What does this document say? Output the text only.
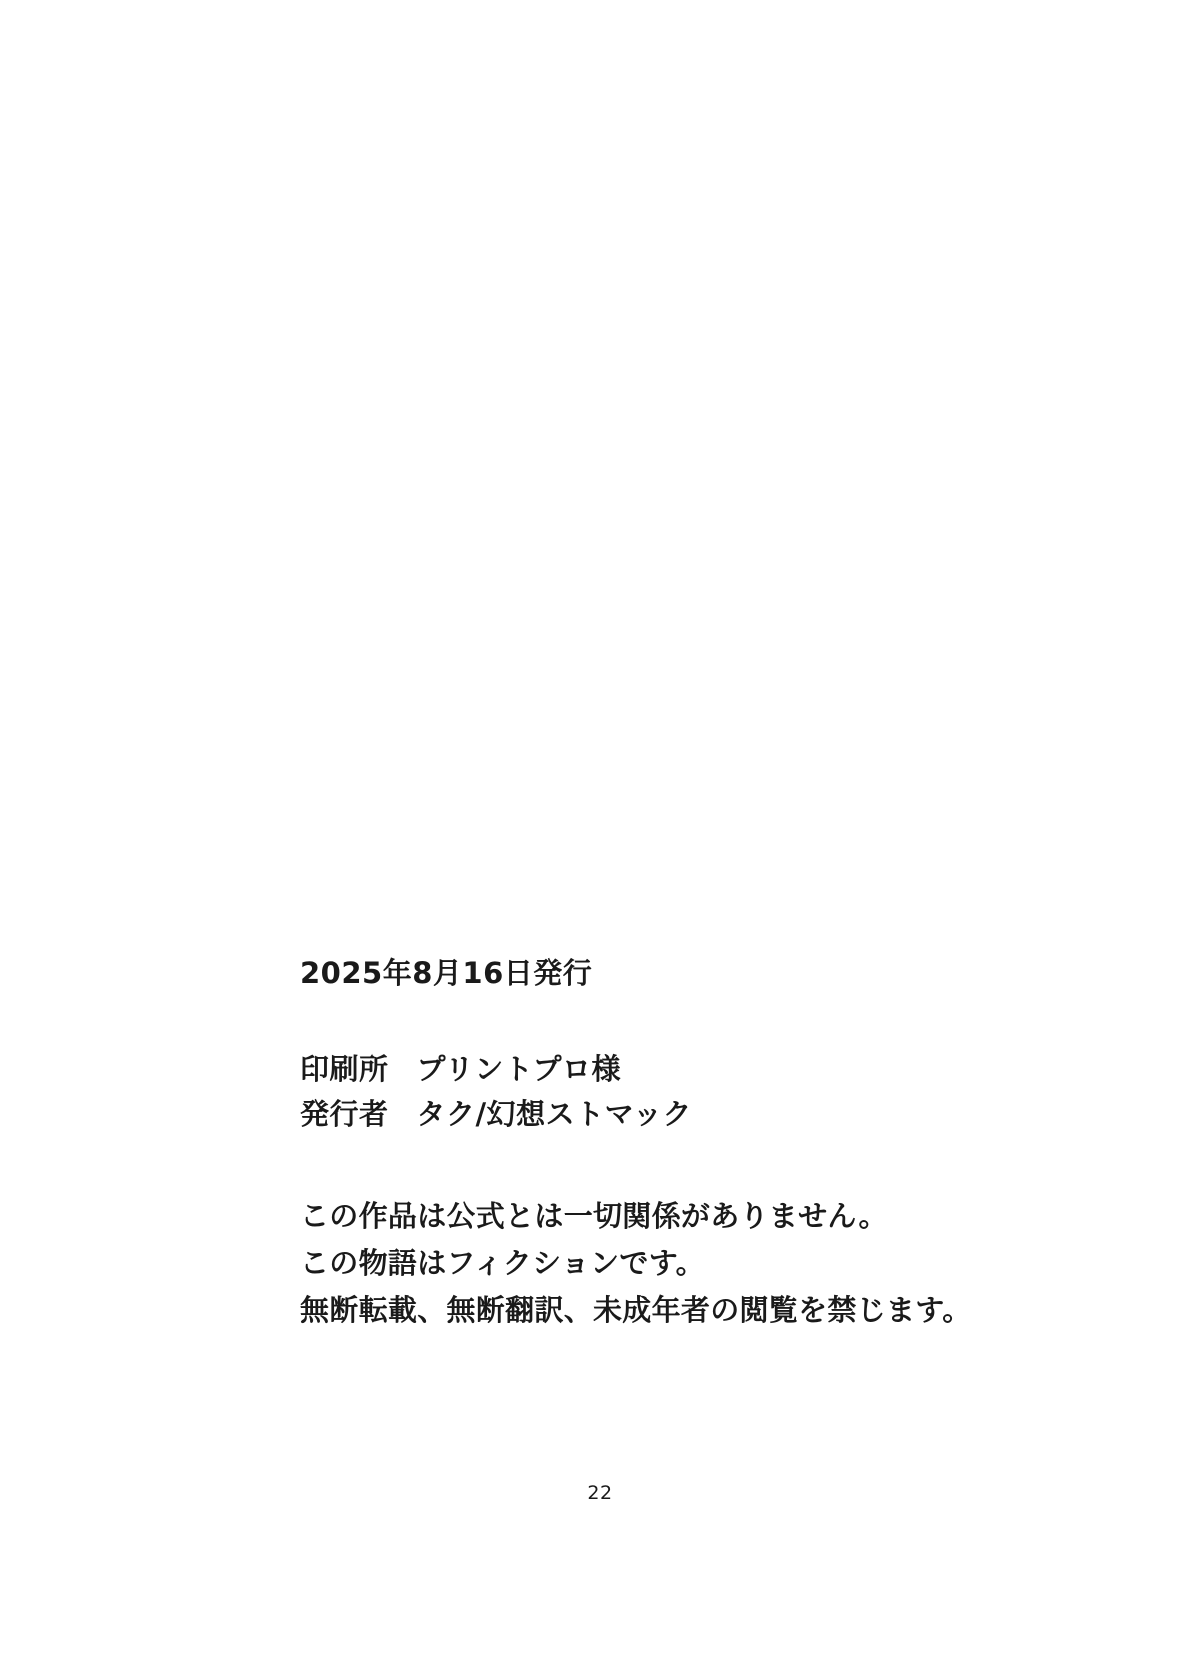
2025年8月16日発行
印刷所 プリントプロ様
発行者 タク/幻想ストマック
この作品は公式とは一切関係がありません。
この物語はフィクションです。
無断転載、無断翻訳、未成年者の閲覧を禁じます。
22
